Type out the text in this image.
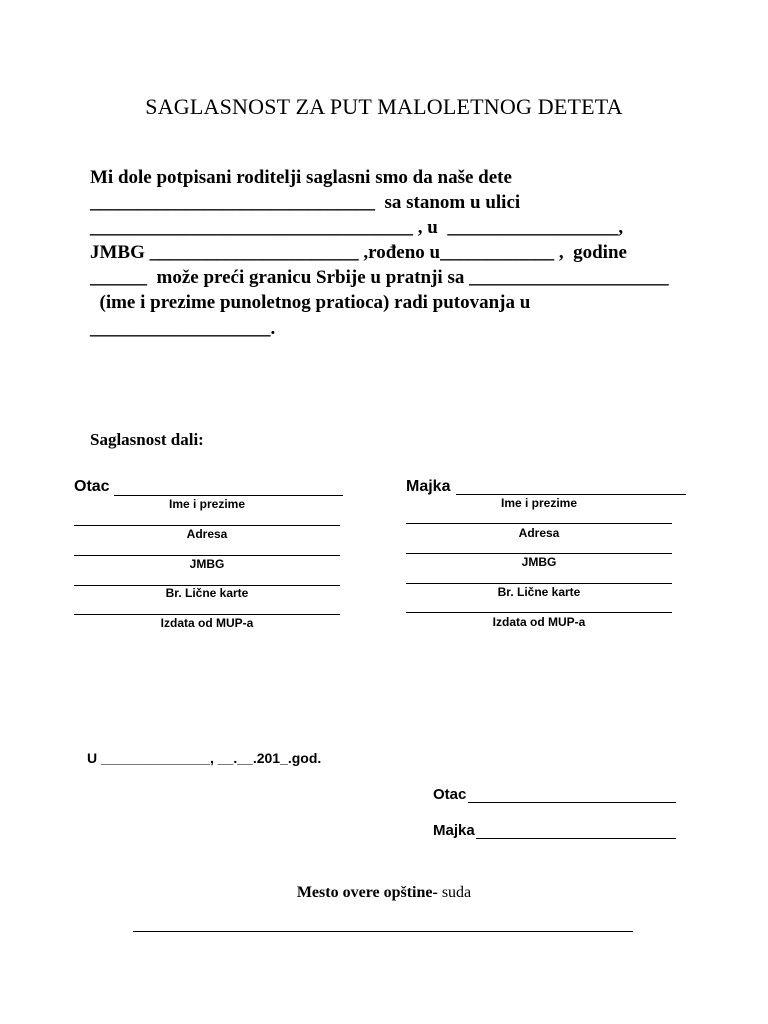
SAGLASNOST ZA PUT MALOLETNOG DETETA
Mi dole potpisani roditelji saglasni smo da naše dete
______________________________  sa stanom u ulici
__________________________________ , u  __________________,
JMBG ______________________ ,rođeno u____________ ,  godine
______  može preći granicu Srbije u pratnji sa _____________________
(ime i prezime punoletnog pratioca) radi putovanja u
___________________.
Saglasnost dali:
Otac
Ime i prezime
Adresa
JMBG
Br. Lične karte
Izdata od MUP-a
Majka
Ime i prezime
Adresa
JMBG
Br. Lične karte
Izdata od MUP-a
U ______________, __.__.201_.god.
Otac
Majka
Mesto overe opštine- suda
